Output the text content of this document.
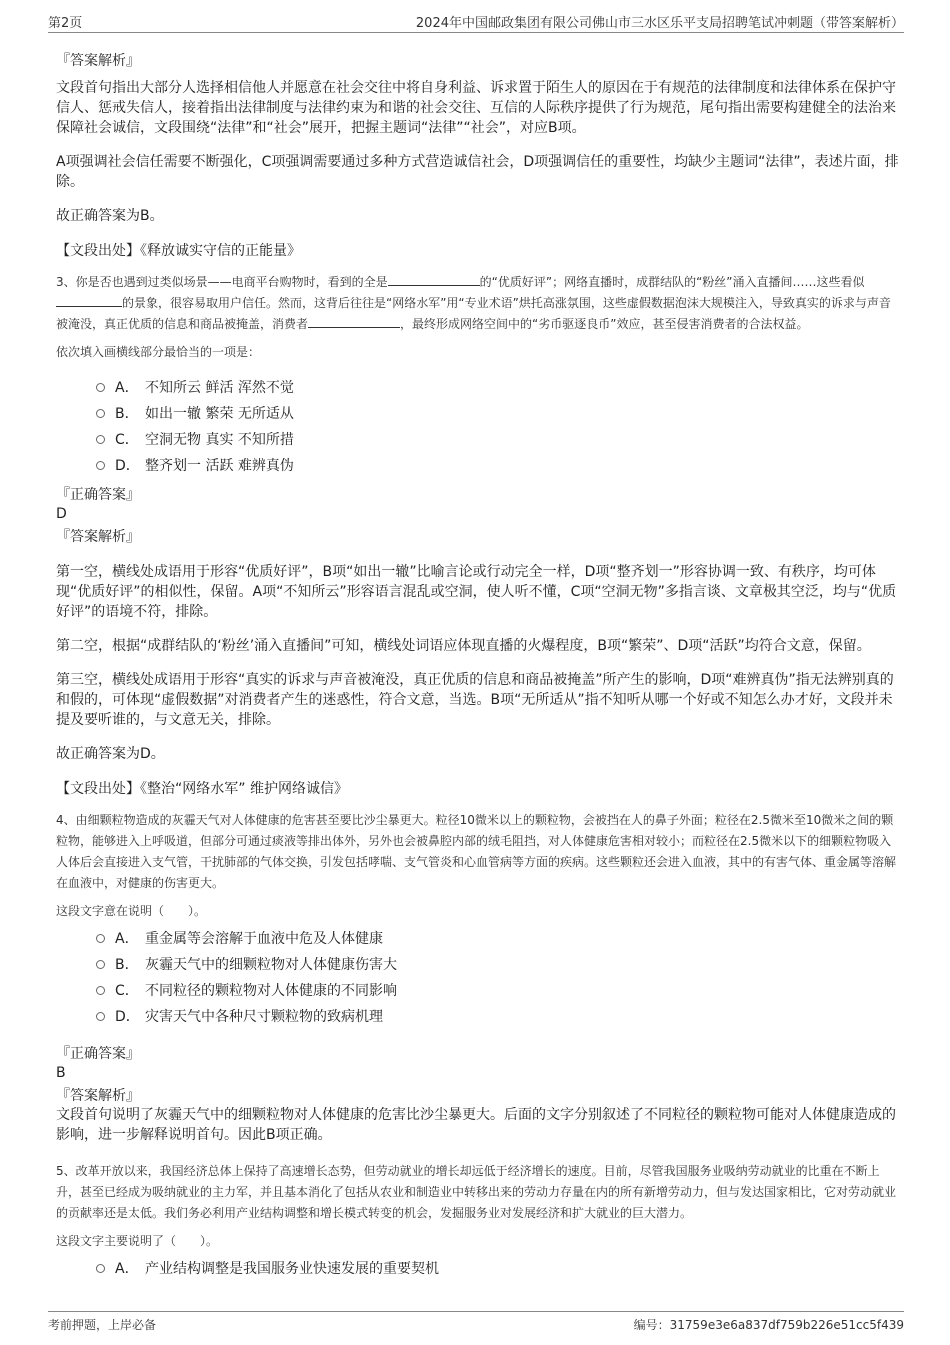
第2页	2024年中国邮政集团有限公司佛山市三水区乐平支局招聘笔试冲刺题（带答案解析）
『答案解析』

文段首句指出大部分人选择相信他人并愿意在社会交往中将自身利益、诉求置于陌生人的原因在于有规范的法律制度和法律体系在保护守信人、惩戒失信人，接着指出法律制度与法律约束为和谐的社会交往、互信的人际秩序提供了行为规范，尾句指出需要构建健全的法治来保障社会诚信，文段围绕“法律”和“社会”展开，把握主题词“法律”“社会”，对应B项。

A项强调社会信任需要不断强化，C项强调需要通过多种方式营造诚信社会，D项强调信任的重要性，均缺少主题词“法律”，表述片面，排除。

故正确答案为B。

【文段出处】《释放诚实守信的正能量》
3、你是否也遇到过类似场景——电商平台购物时，看到的全是	的“优质好评”；网络直播时，成群结队的“粉丝”涌入直播间……这些看似的景象，很容易取用户信任。然而，这背后往往是“网络水军”用“专业术语”烘托高涨氛围，这些虚假数据泡沫大规模注入，导致真实的诉求与声音被淹没，真正优质的信息和商品被掩盖，消费者	，最终形成网络空间中的“劣币驱逐良币”效应，甚至侵害消费者的合法权益。
依次填入画横线部分最恰当的一项是：
A． 不知所云 鲜活 浑然不觉
B． 如出一辙 繁荣 无所适从
C． 空洞无物 真实 不知所措
D． 整齐划一 活跃 难辨真伪
『正确答案』
D
『答案解析』

第一空，横线处成语用于形容“优质好评”，B项“如出一辙”比喻言论或行动完全一样，D项“整齐划一”形容协调一致、有秩序，均可体现“优质好评”的相似性，保留。A项“不知所云”形容语言混乱或空洞，使人听不懂，C项“空洞无物”多指言谈、文章极其空泛，均与“优质好评”的语境不符，排除。

第二空，根据“成群结队的‘粉丝’涌入直播间”可知，横线处词语应体现直播的火爆程度，B项“繁荣”、D项“活跃”均符合文意，保留。

第三空，横线处成语用于形容“真实的诉求与声音被淹没，真正优质的信息和商品被掩盖”所产生的影响，D项“难辨真伪”指无法辨别真的和假的，可体现“虚假数据”对消费者产生的迷惑性，符合文意，当选。B项“无所适从”指不知听从哪一个好或不知怎么办才好，文段并未提及要听谁的，与文意无关，排除。

故正确答案为D。

【文段出处】《整治“网络水军” 维护网络诚信》
4、由细颗粒物造成的灰霾天气对人体健康的危害甚至要比沙尘暴更大。粒径10微米以上的颗粒物，会被挡在人的鼻子外面；粒径在2.5微米至10微米之间的颗粒物，能够进入上呼吸道，但部分可通过痰液等排出体外，另外也会被鼻腔内部的绒毛阻挡，对人体健康危害相对较小；而粒径在2.5微米以下的细颗粒物吸入人体后会直接进入支气管，干扰肺部的气体交换，引发包括哮喘、支气管炎和心血管病等方面的疾病。这些颗粒还会进入血液，其中的有害气体、重金属等溶解在血液中，对健康的伤害更大。
这段文字意在说明（　　）。
A． 重金属等会溶解于血液中危及人体健康
B． 灰霾天气中的细颗粒物对人体健康伤害大
C． 不同粒径的颗粒物对人体健康的不同影响
D． 灾害天气中各种尺寸颗粒物的致病机理
『正确答案』
B
『答案解析』

文段首句说明了灰霾天气中的细颗粒物对人体健康的危害比沙尘暴更大。后面的文字分别叙述了不同粒径的颗粒物可能对人体健康造成的影响，进一步解释说明首句。因此B项正确。

5、改革开放以来，我国经济总体上保持了高速增长态势，但劳动就业的增长却远低于经济增长的速度。目前，尽管我国服务业吸纳劳动就业的比重在不断上升，甚至已经成为吸纳就业的主力军，并且基本消化了包括从农业和制造业中转移出来的劳动力存量在内的所有新增劳动力，但与发达国家相比，它对劳动就业的贡献率还是太低。我们务必利用产业结构调整和增长模式转变的机会，发掘服务业对发展经济和扩大就业的巨大潜力。
这段文字主要说明了（　　）。
A． 产业结构调整是我国服务业快速发展的重要契机
考前押题，上岸必备	编号：31759e3e6a837df759b226e51cc5f439
